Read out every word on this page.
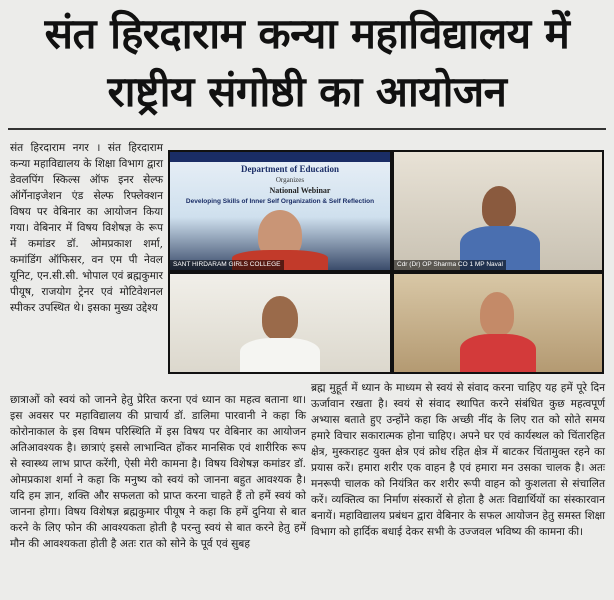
संत हिरदाराम कन्या महाविद्यालय में
राष्ट्रीय संगोष्ठी का आयोजन
संत हिरदाराम नगर । संत हिरदाराम कन्या महाविद्यालय के शिक्षा विभाग द्वारा डेवलपिंग स्किल्स ऑफ इनर सेल्फ ऑर्गेनाइजेशन एंड सेल्फ रिफ्लेक्शन विषय पर वेबिनार का आयोजन किया गया। वेबिनार में विषय विशेषज्ञ के रूप में कमांडर डॉ. ओमप्रकाश शर्मा, कमांडिंग ऑफिसर, वन एम पी नेवल यूनिट, एन.सी.सी. भोपाल एवं ब्रह्मकुमार पीयूष, राजयोग ट्रेनर एवं मोटिवेशनल स्पीकर उपस्थित थे। इसका मुख्य उद्देश्य
Department of Education
Organizes
National Webinar
Developing Skills of Inner Self Organization & Self Reflection
SANT HIRDARAM GIRLS COLLEGE	Cdr (Dr) OP Sharma CO 1 MP Naval
छात्राओं को स्वयं को जानने हेतु प्रेरित करना एवं ध्यान का महत्व बताना था। इस अवसर पर महाविद्यालय की प्राचार्य डॉ. डालिमा पारवानी ने कहा कि कोरोनाकाल के इस विषम परिस्थिति में इस विषय पर वेबिनार का आयोजन अतिआवश्यक है। छात्राएं इससे लाभान्वित होंकर मानसिक एवं शारीरिक रूप से स्वास्थ्य लाभ प्राप्त करेंगी, ऐसी मेरी कामना है। विषय विशेषज्ञ कमांडर डॉ. ओमप्रकाश शर्मा ने कहा कि मनुष्य को स्वयं को जानना बहुत आवश्यक है। यदि हम ज्ञान, शक्ति और सफलता को प्राप्त करना चाहते हैं तो हमें स्वयं को जानना होगा। विषय विशेषज्ञ ब्रह्मकुमार पीयूष ने कहा कि हमें दुनिया से बात करने के लिए फोन की आवश्यकता होती है परन्तु स्वयं से बात करने हेतु हमें मौन की आवश्यकता होती है अतः रात को सोने के पूर्व एवं सुबह
ब्रह्म मुहूर्त में ध्यान के माध्यम से स्वयं से संवाद करना चाहिए यह हमें पूरे दिन ऊर्जावान रखता है। स्वयं से संवाद स्थापित करने संबंधित कुछ महत्वपूर्ण अभ्यास बताते हुए उन्होंने कहा कि अच्छी नींद के लिए रात को सोते समय हमारे विचार सकारात्मक होना चाहिए। अपने घर एवं कार्यस्थल को चिंतारहित क्षेत्र, मुस्कराहट युक्त क्षेत्र एवं क्रोध रहित क्षेत्र में बाटकर चिंतामुक्त रहने का प्रयास करें। हमारा शरीर एक वाहन है एवं हमारा मन उसका चालक है। अतः मनरूपी चालक को नियंत्रित कर शरीर रूपी वाहन को कुशलता से संचालित करें। व्यक्तित्व का निर्माण संस्कारों से होता है अतः विद्यार्थियों का संस्कारवान बनायें। महाविद्यालय प्रबंधन द्वारा वेबिनार के सफल आयोजन हेतु समस्त शिक्षा विभाग को हार्दिक बधाई देकर सभी के उज्जवल भविष्य की कामना की।
